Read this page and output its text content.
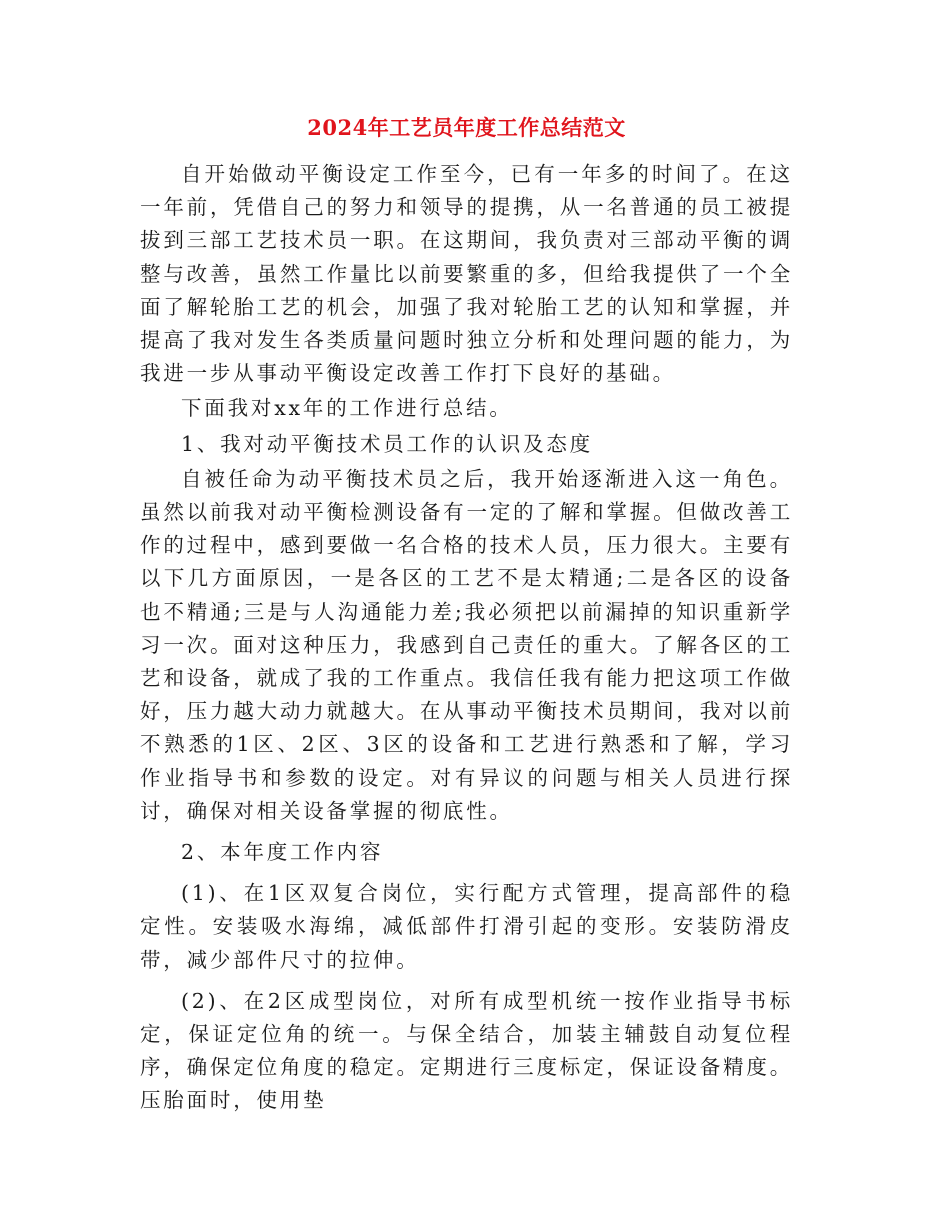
2024年工艺员年度工作总结范文

自开始做动平衡设定工作至今，已有一年多的时间了。在这一年前，凭借自己的努力和领导的提携，从一名普通的员工被提拔到三部工艺技术员一职。在这期间，我负责对三部动平衡的调整与改善，虽然工作量比以前要繁重的多，但给我提供了一个全面了解轮胎工艺的机会，加强了我对轮胎工艺的认知和掌握，并提高了我对发生各类质量问题时独立分析和处理问题的能力，为我进一步从事动平衡设定改善工作打下良好的基础。

下面我对xx年的工作进行总结。

1、我对动平衡技术员工作的认识及态度

自被任命为动平衡技术员之后，我开始逐渐进入这一角色。虽然以前我对动平衡检测设备有一定的了解和掌握。但做改善工作的过程中，感到要做一名合格的技术人员，压力很大。主要有以下几方面原因，一是各区的工艺不是太精通;二是各区的设备也不精通;三是与人沟通能力差;我必须把以前漏掉的知识重新学习一次。面对这种压力，我感到自己责任的重大。了解各区的工艺和设备，就成了我的工作重点。我信任我有能力把这项工作做好，压力越大动力就越大。在从事动平衡技术员期间，我对以前不熟悉的1区、2区、3区的设备和工艺进行熟悉和了解，学习作业指导书和参数的设定。对有异议的问题与相关人员进行探讨，确保对相关设备掌握的彻底性。

2、本年度工作内容

(1)、在1区双复合岗位，实行配方式管理，提高部件的稳定性。安装吸水海绵，减低部件打滑引起的变形。安装防滑皮带，减少部件尺寸的拉伸。

(2)、在2区成型岗位，对所有成型机统一按作业指导书标定，保证定位角的统一。与保全结合，加装主辅鼓自动复位程序，确保定位角度的稳定。定期进行三度标定，保证设备精度。压胎面时，使用垫
